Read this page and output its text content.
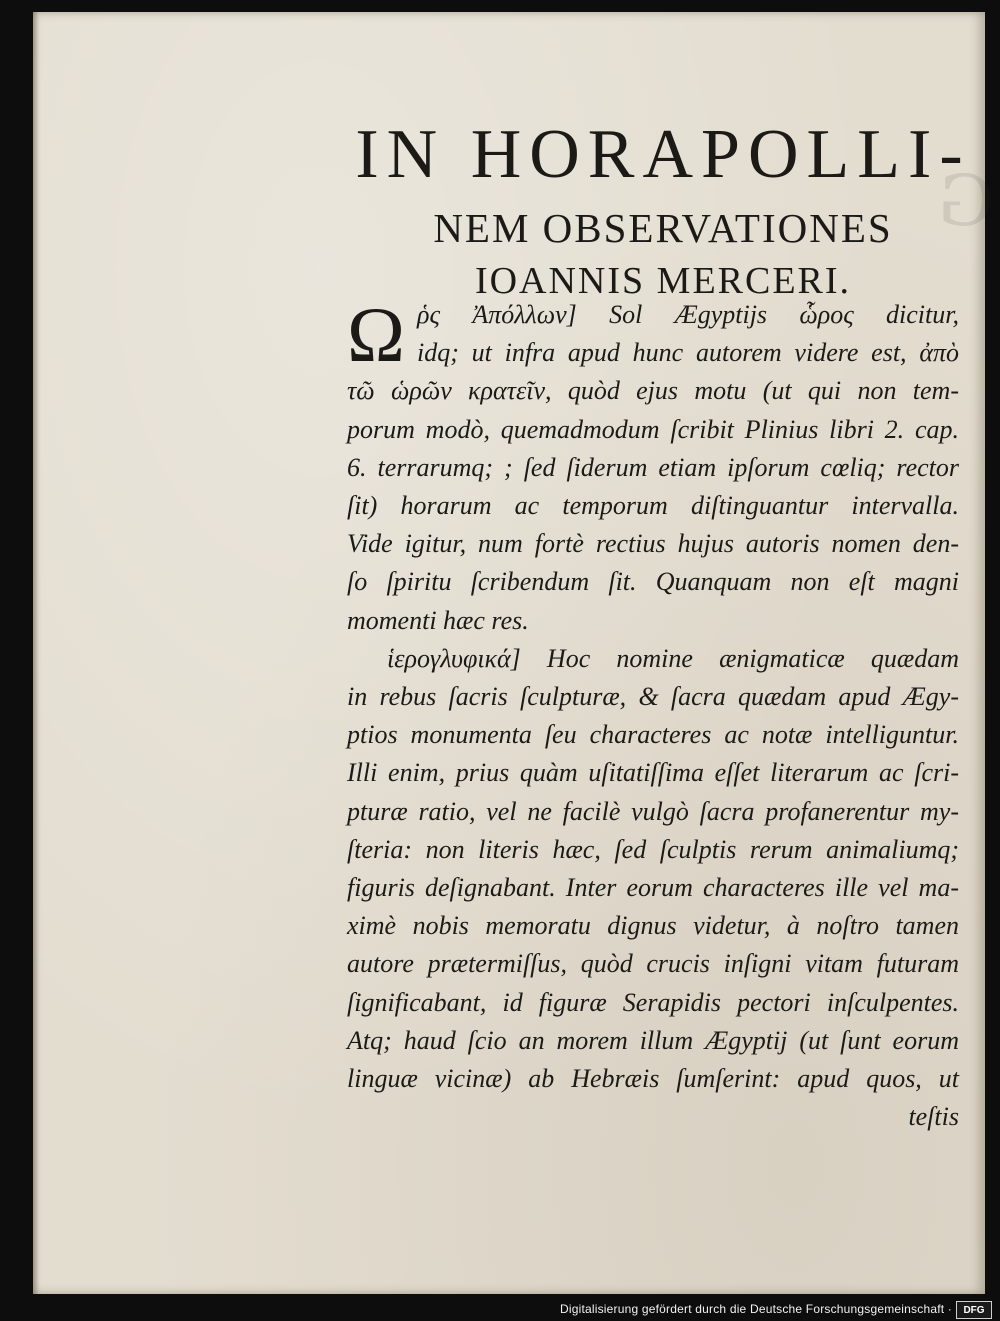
G

IN HORAPOLLI-

NEM OBSERVATIONES

IOANNIS MERCERI.

Ω ῥς Ἀπόλλων] Sol Ægyptijs ὧρος dicitur,
idq; ut infra apud hunc autorem videre est, ἀπὸ
τῶ ὡρῶν κρατεῖν, quòd ejus motu (ut qui non tem-
porum modò, quemadmodum ſcribit Plinius libri 2. cap.
6. terrarumq; ; ſed ſiderum etiam ipſorum cœliq; rector
ſit) horarum ac temporum diſtinguantur intervalla.
Vide igitur, num fortè rectius hujus autoris nomen den-
ſo ſpiritu ſcribendum ſit. Quanquam non eſt magni
momenti hæc res.
ἱερογλυφικά] Hoc nomine ænigmaticæ quædam
in rebus ſacris ſculpturæ, & ſacra quædam apud Ægy-
ptios monumenta ſeu characteres ac notæ intelliguntur.
Illi enim, prius quàm uſitatiſſima eſſet literarum ac ſcri-
pturæ ratio, vel ne facilè vulgò ſacra profanerentur my-
ſteria: non literis hæc, ſed ſculptis rerum animaliumq;
figuris deſignabant. Inter eorum characteres ille vel ma-
ximè nobis memoratu dignus videtur, à noſtro tamen
autore prætermiſſus, quòd crucis inſigni vitam futuram
ſignificabant, id figuræ Serapidis pectori inſculpentes.
Atq; haud ſcio an morem illum Ægyptij (ut ſunt eorum
linguæ vicinæ) ab Hebræis ſumſerint: apud quos, ut
teſtis
Digitalisierung gefördert durch die Deutsche Forschungsgemeinschaft ·	DFG
